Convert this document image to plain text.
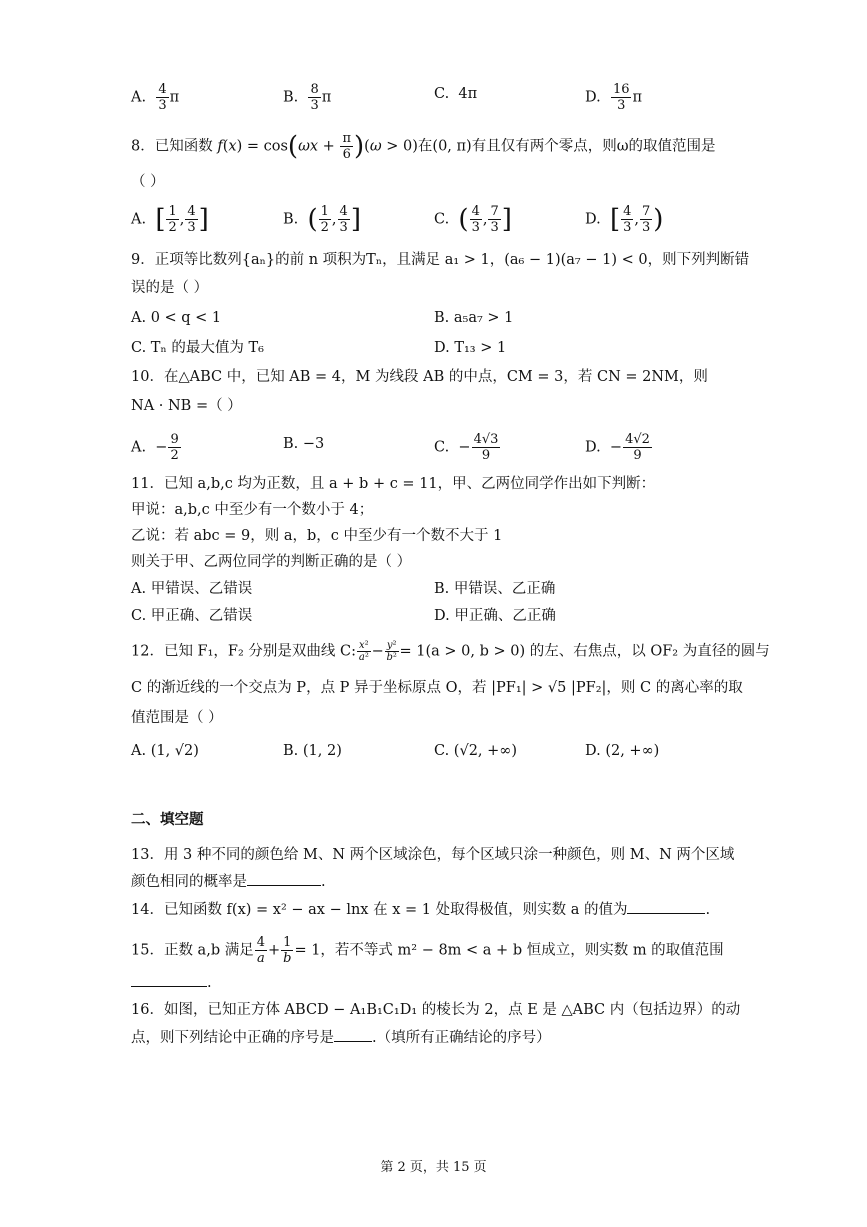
A. $\frac{4}{3}$ π	B. $\frac{8}{3}$ π	C. 4π	D. $\frac{16}{3}$ π
8．已知函数 $f(x) = \cos(\omega x + \frac{\pi}{6} )(\omega > 0)$在(0, π)有且仅有两个零点，则ω的取值范围是
（ ）
A. [ $\frac{1}{2}$ , $\frac{4}{3}$ ]	B. ( $\frac{1}{2}$ , $\frac{4}{3}$ ]	C. ( $\frac{4}{3}$ , $\frac{7}{3}$ ]	D. [ $\frac{4}{3}$ , $\frac{7}{3}$ )
9．正项等比数列{aₙ}的前 n 项积为Tₙ，且满足 a₁ > 1，(a₆ − 1)(a₇ − 1) < 0，则下列判断错
误的是（ ）
A. 0 < q < 1	B. a₅a₇ > 1
C. Tₙ 的最大值为 T₆	D. T₁₃ > 1
10．在△ABC 中，已知 AB = 4，M 为线段 AB 的中点，CM = 3，若 CN = 2NM，则
NA · NB =（ ）
A.  − $\frac{9}{2}$	B. −3	C.  − $\frac{4√3}{9}$	D.  − $\frac{4√2}{9}$
11．已知 a,b,c 均为正数，且 a + b + c = 11，甲、乙两位同学作出如下判断：
甲说：a,b,c 中至少有一个数小于 4；
乙说：若 abc = 9，则 a，b，c 中至少有一个数不大于 1
则关于甲、乙两位同学的判断正确的是（ ）
A. 甲错误、乙错误	B. 甲错误、乙正确
C. 甲正确、乙错误	D. 甲正确、乙正确
12．已知 F₁，F₂ 分别是双曲线 C: $\frac{\text{x²}}{\text{a²}} - \frac{\text{y²}}{\text{b²}} = 1(a > 0$, b > 0) 的左、右焦点，以 OF₂ 为直径的圆与
C 的渐近线的一个交点为 P，点 P 异于坐标原点 O，若 |PF₁| > √5 |PF₂|，则 C 的离心率的取
值范围是（ ）
A. (1, √2)	B. (1, 2)	C. (√2, +∞)	D. (2, +∞)
二、填空题
13．用 3 种不同的颜色给 M、N 两个区域涂色，每个区域只涂一种颜色，则 M、N 两个区域
颜色相同的概率是	.
14．已知函数 f(x) = x² − ax − lnx 在 x = 1 处取得极值，则实数 a 的值为	.
15．正数 a,b 满足 $\frac{4}{a} + \frac{1}{b} = 1$，若不等式 m² − 8m < a + b 恒成立，则实数 m 的取值范围
.
16．如图，已知正方体 ABCD − A₁B₁C₁D₁ 的棱长为 2，点 E 是 △ABC 内（包括边界）的动
点，则下列结论中正确的序号是	.（填所有正确结论的序号）
第 2 页，共 15 页
